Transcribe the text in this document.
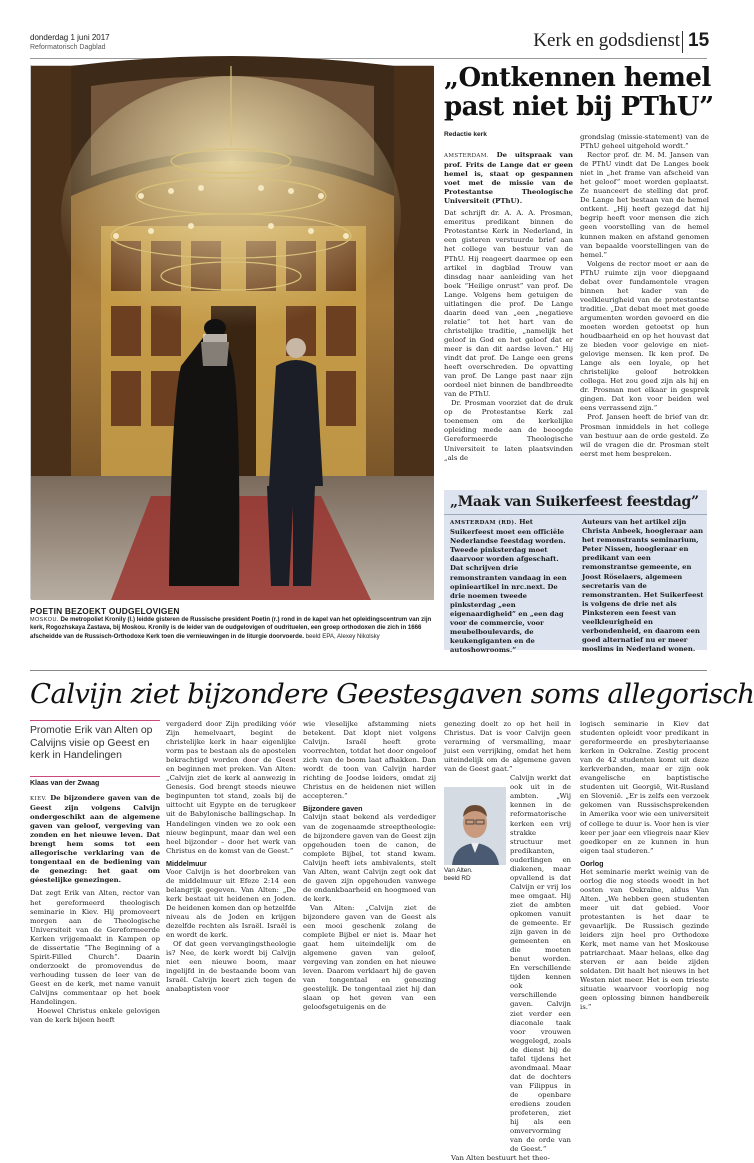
donderdag 1 juni 2017
Reformatorisch Dagblad	Kerk en godsdienst 15
POETIN BEZOEKT OUDGELOVIGEN
MOSKOU. De metropoliet Kronily (l.) leidde gisteren de Russische president Poetin (r.) rond in de kapel van het opleidingscentrum van zijn kerk, Rogozhskaya Zastava, bij Moskou. Kronily is de leider van de oudgelovigen of oudrituelen, een groep orthodoxen die zich in 1666 afscheidde van de Russisch-Orthodoxe Kerk toen die vernieuwingen in de liturgie doorvoerde. beeld EPA, Alexey Nikolsky
„Ontkennen hemel past niet bij PThU”
Redactie kerk

AMSTERDAM. De uitspraak van prof. Frits de Lange dat er geen hemel is, staat op gespannen voet met de missie van de Protestantse Theologische Universiteit (PThU).

Dat schrijft dr. A. A. A. Prosman, emeritus predikant binnen de Protestantse Kerk in Nederland, in een gisteren verstuurde brief aan het college van bestuur van de PThU. Hij reageert daarmee op een artikel in dagblad Trouw van dinsdag naar aanleiding van het boek “Heilige onrust” van prof. De Lange. Volgens hem getuigen de uitlatingen die prof. De Lange daarin deed van „een „negatieve relatie” tot het hart van de christelijke traditie, „namelijk het geloof in God en het geloof dat er meer is dan dit aardse leven.” Hij vindt dat prof. De Lange een grens heeft overschreden. De opvatting van prof. De Lange past naar zijn oordeel niet binnen de bandbreedte van de PThU.

Dr. Prosman voorziet dat de druk op de Protestantse Kerk zal toenemen om de kerkelijke opleiding mede aan de beoogde Gereformeerde Theologische Universiteit te laten plaatsvinden „als de

grondslag (missie-statement) van de PThU geheel uitgehold wordt.”

Rector prof. dr. M. M. Jansen van de PThU vindt dat De Langes boek niet in „het frame van afscheid van het geloof” moet worden geplaatst. Ze nuanceert de stelling dat prof. De Lange het bestaan van de hemel ontkent. „Hij heeft gezegd dat hij begrip heeft voor mensen die zich geen voorstelling van de hemel kunnen maken en afstand genomen van bepaalde voorstellingen van de hemel.”

Volgens de rector moet er aan de PThU ruimte zijn voor diepgaand debat over fundamentele vragen binnen het kader van de veelkleurigheid van de protestantse traditie. „Dat debat moet met goede argumenten worden gevoerd en die moeten worden getoetst op hun houdbaarheid en op het houvast dat ze bieden voor gelovige en niet-gelovige mensen. Ik ken prof. De Lange als een loyale, op het christelijke geloof betrokken collega. Het zou goed zijn als hij en dr. Prosman met elkaar in gesprek gingen. Dat kon voor beiden wel eens verrassend zijn.”

Prof. Jansen heeft de brief van dr. Prosman inmiddels in het college van bestuur aan de orde gesteld. Ze wil de vragen die dr. Prosman stelt eerst met hem bespreken.

„Maak van Suikerfeest feestdag”
AMSTERDAM (RD). Het Suikerfeest moet een officiële Nederlandse feestdag worden. Tweede pinksterdag moet daarvoor worden afgeschaft. Dat schrijven drie remonstranten vandaag in een opinieartikel in nrc.next. De drie noemen tweede pinksterdag „een eigenaardigheid” en „een dag voor de commercie, voor meubelboulevards, de keukengiganten en de autoshowrooms.”
Auteurs van het artikel zijn Christa Anbeek, hoogleraar aan het remonstrants seminarium, Peter Nissen, hoogleraar en predikant van een remonstrantse gemeente, en Joost Röselaers, algemeen secretaris van de remonstranten. Het Suikerfeest is volgens de drie net als Pinksteren een feest van veelkleurigheid en verbondenheid, en daarom een goed alternatief nu er meer moslims in Nederland wonen.
Calvijn ziet bijzondere Geestesgaven soms allegorisch
Promotie Erik van Alten op Calvijns visie op Geest en kerk in Handelingen
Klaas van der Zwaag

KIEV. De bijzondere gaven van de Geest zijn volgens Calvijn ondergeschikt aan de algemene gaven van geloof, vergeving van zonden en het nieuwe leven. Dat brengt hem soms tot een allegorische verklaring van de tongentaal en de bediening van de genezing: het gaat om géestelijke genezingen.

Dat zegt Erik van Alten, rector van het gereformeerd theologisch seminarie in Kiev. Hij promoveert morgen aan de Theologische Universiteit van de Gereformeerde Kerken vrijgemaakt in Kampen op de dissertatie “The Beginning of a Spirit-Filled Church”. Daarin onderzoekt de promovendus de verhouding tussen de leer van de Geest en de kerk, met name vanuit Calvijns commentaar op het boek Handelingen.

Hoewel Christus enkele gelovigen van de kerk bijeen heeft

vergaderd door Zijn prediking vóór Zijn hemelvaart, begint de christelijke kerk in haar eigenlijke vorm pas te bestaan als de apostelen bekrachtigd worden door de Geest en beginnen met preken. Van Alten: „Calvijn ziet de kerk al aanwezig in Genesis. God brengt steeds nieuwe beginpunten tot stand, zoals bij de uittocht uit Egypte en de terugkeer uit de Babylonische ballingschap. In Handelingen vinden we zo ook een nieuw beginpunt, maar dan wel een heel bijzonder – door het werk van Christus en de komst van de Geest.”

Middelmuur

Voor Calvijn is het doorbreken van de middelmuur uit Efeze 2:14 een belangrijk gegeven. Van Alten: „De kerk bestaat uit heidenen en Joden. De heidenen komen dan op hetzelfde niveau als de Joden en krijgen dezelfde rechten als Israël. Israël is en wordt de kerk.

Of dat geen vervangingstheologie is? Nee, de kerk wordt bij Calvijn niet een nieuwe boom, maar ingelijfd in de bestaande boom van Israël. Calvijn keert zich tegen de anabaptisten voor

wie vleselijke afstamming niets betekent. Dat klopt niet volgens Calvijn. Israël heeft grote voorrechten, totdat het door ongeloof zich van de boom laat afhakken. Dan wordt de toon van Calvijn harder richting de Joodse leiders, omdat zij Christus en de heidenen niet willen accepteren.”

Bijzondere gaven

Calvijn staat bekend als verdediger van de zogenaamde streeptheologie: de bijzondere gaven van de Geest zijn opgehouden toen de canon, de complete Bijbel, tot stand kwam. Calvijn heeft iets ambivalents, stelt Van Alten, want Calvijn zegt ook dat de gaven zijn opgehouden vanwege de ondankbaarheid en hoogmoed van de kerk.

Van Alten: „Calvijn ziet de bijzondere gaven van de Geest als een mooi geschenk zolang de complete Bijbel er niet is. Maar het gaat hem uiteindelijk om de algemene gaven van geloof, vergeving van zonden en het nieuwe leven. Daarom verklaart hij de gaven van tongentaal en genezing geestelijk. De tongentaal ziet hij dan slaan op het geven van een geloofsgetuigenis en de

genezing doelt zo op het heil in Christus. Dat is voor Calvijn geen verarming of versmalling, maar juist een verrijking, omdat het hem uiteindelijk om de algemene gaven van de Geest gaat.”

Calvijn werkt dat ook uit in de ambten. „Wij kennen in de reformatorische kerken een vrij strakke structuur met predikanten, ouderlingen en diakenen, maar opvallend is dat Calvijn er vrij los mee omgaat. Hij ziet de ambten opkomen vanuit de gemeente. Er zijn gaven in de gemeenten en die moeten benut worden. En verschillende tijden kennen ook verschillende gaven. Calvijn ziet verder een diaconale taak voor vrouwen weggelegd, zoals de dienst bij de tafel tijdens het avondmaal. Maar dat de dochters van Filippus in de openbare erediens zouden profeteren, ziet hij als een omvervorming van de orde van de Geest.”

Van Alten bestuurt het theo-

Van Alten.
beeld RD

logisch seminarie in Kiev dat studenten opleidt voor predikant in gereformeerde en presbyteriaanse kerken in Oekraïne. Zestig procent van de 42 studenten komt uit deze kerkverbanden, maar er zijn ook evangelische en baptistische studenten uit Georgië, Wit-Rusland en Slovenië. „Er is zelfs een verzoek gekomen van Russischsprekenden in Amerika voor wie een universiteit of college te duur is. Voor hen is vier keer per jaar een vliegreis naar Kiev goedkoper en ze kunnen in hun eigen taal studeren.”

Oorlog

Het seminarie merkt weinig van de oorlog die nog steeds woedt in het oosten van Oekraïne, aldus Van Alten. „We hebben geen studenten meer uit dat gebied. Voor protestanten is het daar te gevaarlijk. De Russisch gezinde leiders zijn heel pro Orthodoxe Kerk, met name van het Moskouse patriarchaat. Maar helaas, elke dag sterven er aan beide zijden soldaten. Dit haalt het nieuws in het Westen niet meer. Het is een trieste situatie waarvoor voorlopig nog geen oplossing binnen handbereik is.”
